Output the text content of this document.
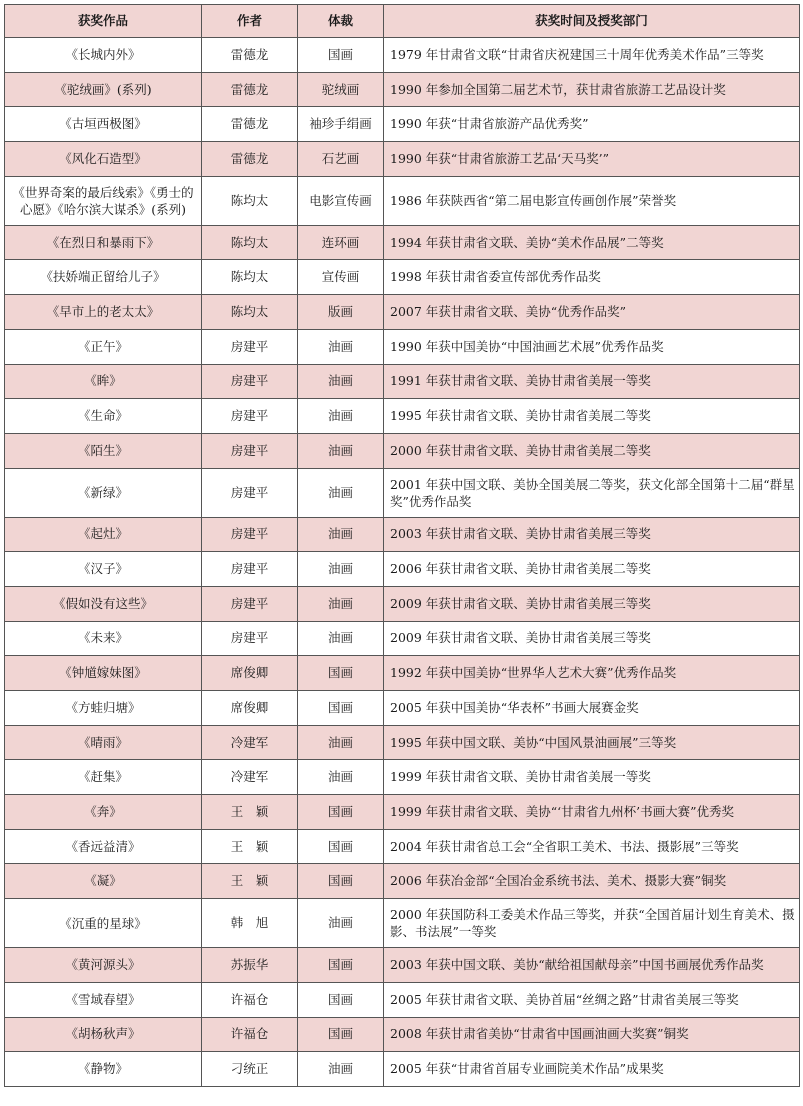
获奖作品	作者	体裁	获奖时间及授奖部门
《长城内外》	雷德龙	国画	1979 年甘肃省文联“甘肃省庆祝建国三十周年优秀美术作品”三等奖
《驼绒画》(系列)	雷德龙	驼绒画	1990 年参加全国第二届艺术节，获甘肃省旅游工艺品设计奖
《古垣西极图》	雷德龙	袖珍手绢画	1990 年获“甘肃省旅游产品优秀奖”
《风化石造型》	雷德龙	石艺画	1990 年获“甘肃省旅游工艺品‘天马奖’”
《世界奇案的最后线索》《勇士的心愿》《哈尔滨大谋杀》(系列)	陈均太	电影宣传画	1986 年获陕西省“第二届电影宣传画创作展”荣誉奖
《在烈日和暴雨下》	陈均太	连环画	1994 年获甘肃省文联、美协“美术作品展”二等奖
《扶娇端正留给儿子》	陈均太	宣传画	1998 年获甘肃省委宣传部优秀作品奖
《早市上的老太太》	陈均太	版画	2007 年获甘肃省文联、美协“优秀作品奖”
《正午》	房建平	油画	1990 年获中国美协“中国油画艺术展”优秀作品奖
《眸》	房建平	油画	1991 年获甘肃省文联、美协甘肃省美展一等奖
《生命》	房建平	油画	1995 年获甘肃省文联、美协甘肃省美展二等奖
《陌生》	房建平	油画	2000 年获甘肃省文联、美协甘肃省美展二等奖
《新绿》	房建平	油画	2001 年获中国文联、美协全国美展二等奖，获文化部全国第十二届“群星奖”优秀作品奖
《起灶》	房建平	油画	2003 年获甘肃省文联、美协甘肃省美展三等奖
《汉子》	房建平	油画	2006 年获甘肃省文联、美协甘肃省美展二等奖
《假如没有这些》	房建平	油画	2009 年获甘肃省文联、美协甘肃省美展三等奖
《未来》	房建平	油画	2009 年获甘肃省文联、美协甘肃省美展三等奖
《钟馗嫁妹图》	席俊卿	国画	1992 年获中国美协“世界华人艺术大赛”优秀作品奖
《方蛙归塘》	席俊卿	国画	2005 年获中国美协“华表杯”书画大展赛金奖
《晴雨》	冷建军	油画	1995 年获中国文联、美协“中国风景油画展”三等奖
《赶集》	冷建军	油画	1999 年获甘肃省文联、美协甘肃省美展一等奖
《奔》	王　颖	国画	1999 年获甘肃省文联、美协“‘甘肃省九州杯’书画大赛”优秀奖
《香远益清》	王　颖	国画	2004 年获甘肃省总工会“全省职工美术、书法、摄影展”三等奖
《凝》	王　颖	国画	2006 年获冶金部“全国冶金系统书法、美术、摄影大赛”铜奖
《沉重的星球》	韩　旭	油画	2000 年获国防科工委美术作品三等奖，并获“全国首届计划生育美术、摄影、书法展”一等奖
《黄河源头》	苏振华	国画	2003 年获中国文联、美协“献给祖国献母亲”中国书画展优秀作品奖
《雪域春望》	许福仓	国画	2005 年获甘肃省文联、美协首届“丝绸之路”甘肃省美展三等奖
《胡杨秋声》	许福仓	国画	2008 年获甘肃省美协“甘肃省中国画油画大奖赛”铜奖
《静物》	刁统正	油画	2005 年获“甘肃省首届专业画院美术作品”成果奖
